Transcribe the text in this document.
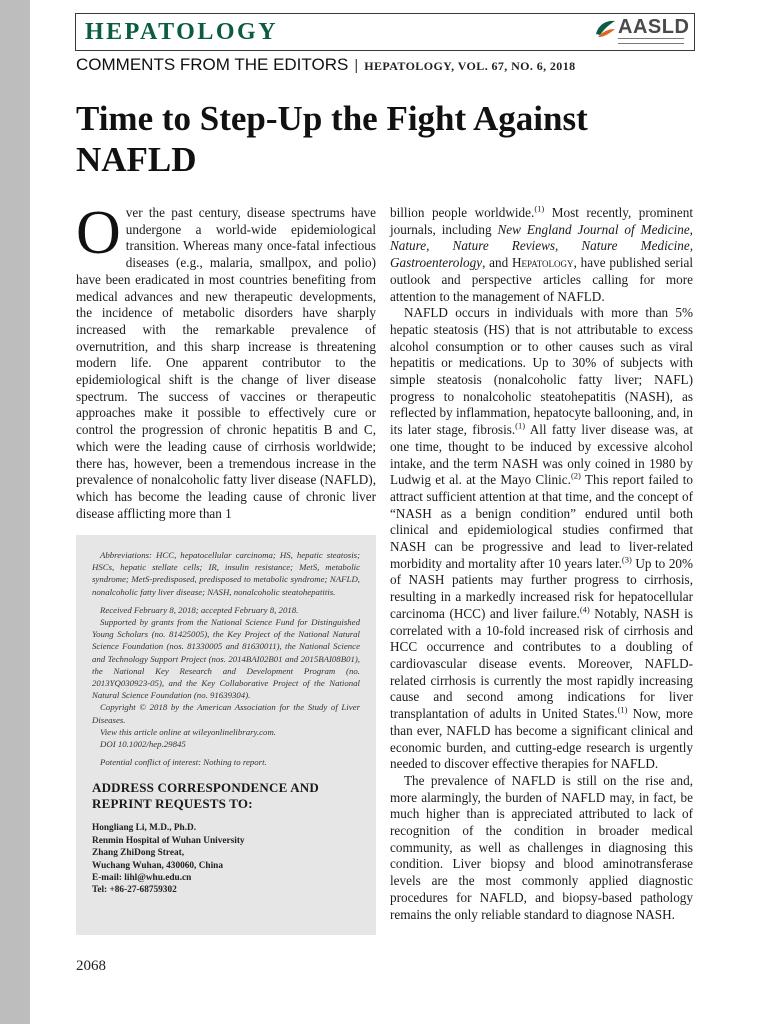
HEPATOLOGY	AASLD
COMMENTS FROM THE EDITORS | HEPATOLOGY, VOL. 67, NO. 6, 2018
Time to Step-Up the Fight Against NAFLD

Over the past century, disease spectrums have undergone a world-wide epidemiological transition. Whereas many once-fatal infectious diseases (e.g., malaria, smallpox, and polio) have been eradicated in most countries benefiting from medical advances and new therapeutic developments, the incidence of metabolic disorders have sharply increased with the remarkable prevalence of overnutrition, and this sharp increase is threatening modern life. One apparent contributor to the epidemiological shift is the change of liver disease spectrum. The success of vaccines or therapeutic approaches make it possible to effectively cure or control the progression of chronic hepatitis B and C, which were the leading cause of cirrhosis worldwide; there has, however, been a tremendous increase in the prevalence of nonalcoholic fatty liver disease (NAFLD), which has become the leading cause of chronic liver disease afflicting more than 1

Abbreviations: HCC, hepatocellular carcinoma; HS, hepatic steatosis; HSCs, hepatic stellate cells; IR, insulin resistance; MetS, metabolic syndrome; MetS-predisposed, predisposed to metabolic syndrome; NAFLD, nonalcoholic fatty liver disease; NASH, nonalcoholic steatohepatitis.

Received February 8, 2018; accepted February 8, 2018.

Supported by grants from the National Science Fund for Distinguished Young Scholars (no. 81425005), the Key Project of the National Natural Science Foundation (nos. 81330005 and 81630011), the National Science and Technology Support Project (nos. 2014BAI02B01 and 2015BAI08B01), the National Key Research and Development Program (no. 2013YQ030923-05), and the Key Collaborative Project of the National Natural Science Foundation (no. 91639304).

Copyright © 2018 by the American Association for the Study of Liver Diseases.

View this article online at wileyonlinelibrary.com.

DOI 10.1002/hep.29845

Potential conflict of interest: Nothing to report.

ADDRESS CORRESPONDENCE AND REPRINT REQUESTS TO:
Hongliang Li, M.D., Ph.D.
Renmin Hospital of Wuhan University
Zhang ZhiDong Streat,
Wuchang Wuhan, 430060, China
E-mail: lihl@whu.edu.cn
Tel: +86-27-68759302

billion people worldwide.$^{(1)}$ Most recently, prominent journals, including New England Journal of Medicine, Nature, Nature Reviews, Nature Medicine, Gastroenterology, and Hepatology, have published serial outlook and perspective articles calling for more attention to the management of NAFLD.

NAFLD occurs in individuals with more than 5% hepatic steatosis (HS) that is not attributable to excess alcohol consumption or to other causes such as viral hepatitis or medications. Up to 30% of subjects with simple steatosis (nonalcoholic fatty liver; NAFL) progress to nonalcoholic steatohepatitis (NASH), as reflected by inflammation, hepatocyte ballooning, and, in its later stage, fibrosis.$^{(1)}$ All fatty liver disease was, at one time, thought to be induced by excessive alcohol intake, and the term NASH was only coined in 1980 by Ludwig et al. at the Mayo Clinic.$^{(2)}$ This report failed to attract sufficient attention at that time, and the concept of “NASH as a benign condition” endured until both clinical and epidemiological studies confirmed that NASH can be progressive and lead to liver-related morbidity and mortality after 10 years later.$^{(3)}$ Up to 20% of NASH patients may further progress to cirrhosis, resulting in a markedly increased risk for hepatocellular carcinoma (HCC) and liver failure.$^{(4)}$ Notably, NASH is correlated with a 10-fold increased risk of cirrhosis and HCC occurrence and contributes to a doubling of cardiovascular disease events. Moreover, NAFLD-related cirrhosis is currently the most rapidly increasing cause and second among indications for liver transplantation of adults in United States.$^{(1)}$ Now, more than ever, NAFLD has become a significant clinical and economic burden, and cutting-edge research is urgently needed to discover effective therapies for NAFLD.

The prevalence of NAFLD is still on the rise and, more alarmingly, the burden of NAFLD may, in fact, be much higher than is appreciated attributed to lack of recognition of the condition in broader medical community, as well as challenges in diagnosing this condition. Liver biopsy and blood aminotransferase levels are the most commonly applied diagnostic procedures for NAFLD, and biopsy-based pathology remains the only reliable standard to diagnose NASH.

2068
